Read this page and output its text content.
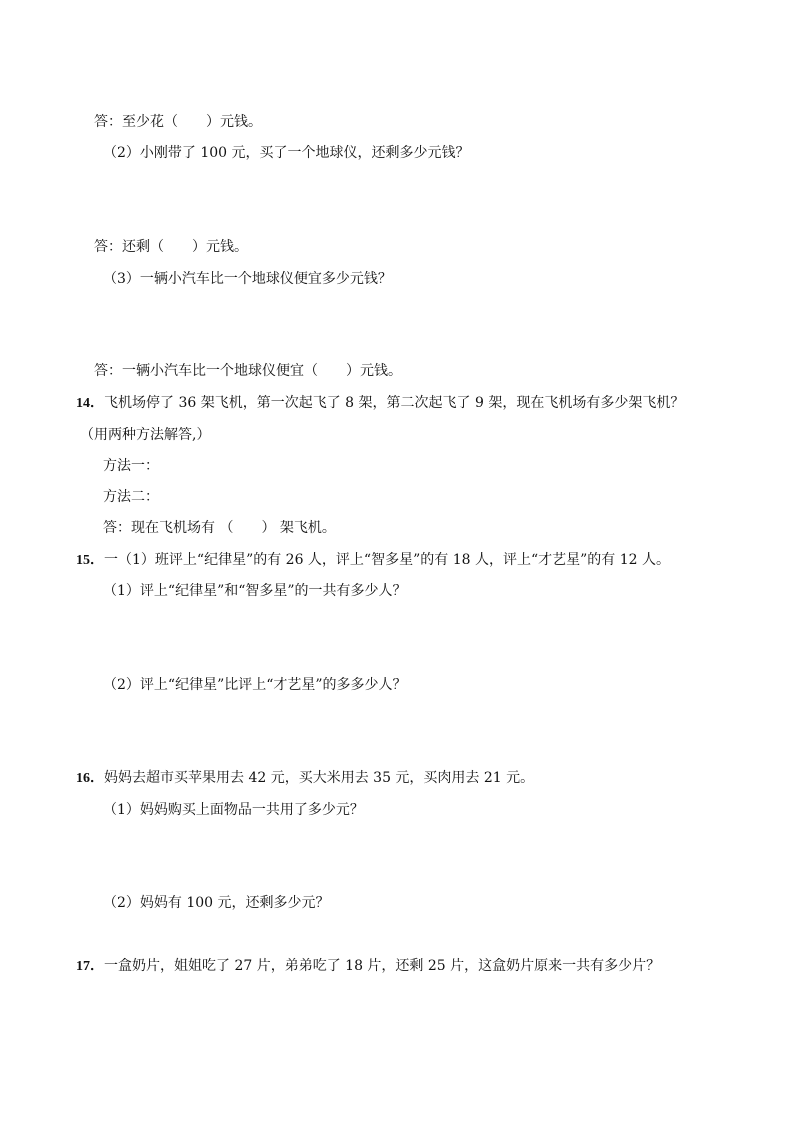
答：至少花（　　）元钱。
（2）小刚带了 100 元，买了一个地球仪，还剩多少元钱？
答：还剩（　　）元钱。
（3）一辆小汽车比一个地球仪便宜多少元钱？
答：一辆小汽车比一个地球仪便宜（　　）元钱。
14．飞机场停了 36 架飞机，第一次起飞了 8 架，第二次起飞了 9 架，现在飞机场有多少架飞机？
（用两种方法解答,）
方法一：
方法二：
答：现在飞机场有 （　　） 架飞机。
15．一（1）班评上“纪律星”的有 26 人，评上“智多星”的有 18 人，评上“才艺星”的有 12 人。
（1）评上“纪律星”和“智多星”的一共有多少人？
（2）评上“纪律星”比评上“才艺星”的多多少人？
16．妈妈去超市买苹果用去 42 元，买大米用去 35 元，买肉用去 21 元。
（1）妈妈购买上面物品一共用了多少元？
（2）妈妈有 100 元，还剩多少元？
17．一盒奶片，姐姐吃了 27 片，弟弟吃了 18 片，还剩 25 片，这盒奶片原来一共有多少片？
